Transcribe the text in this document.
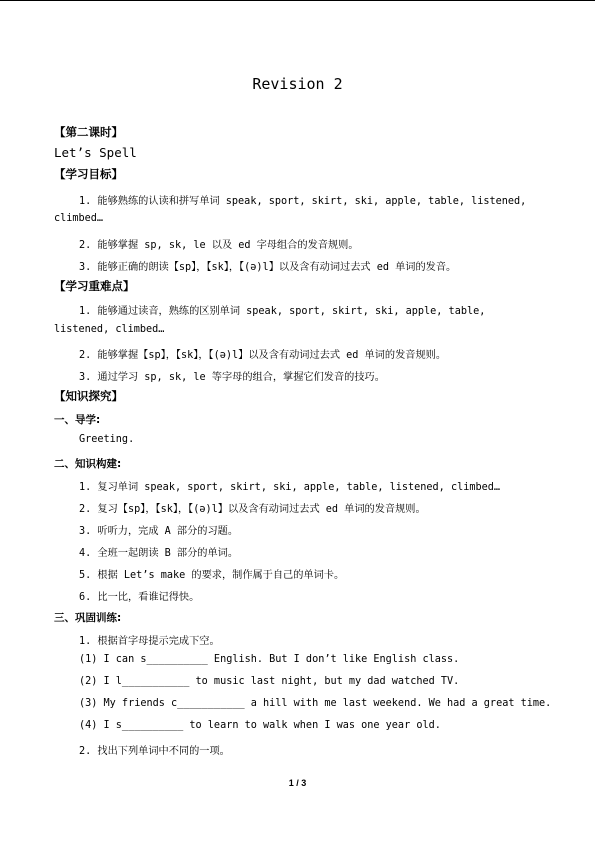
Revision 2
【第二课时】
Let’s Spell
【学习目标】
1. 能够熟练的认读和拼写单词 speak, sport, skirt, ski, apple, table, listened,
climbed…
2. 能够掌握 sp, sk, le 以及 ed 字母组合的发音规则。
3. 能够正确的朗读【sp】，【sk】，【(ə)l】以及含有动词过去式 ed 单词的发音。
【学习重难点】
1. 能够通过读音，熟练的区别单词 speak, sport, skirt, ski, apple, table,
listened, climbed…
2. 能够掌握【sp】，【sk】，【(ə)l】以及含有动词过去式 ed 单词的发音规则。
3. 通过学习 sp, sk, le 等字母的组合，掌握它们发音的技巧。
【知识探究】
一、导学:
Greeting.
二、知识构建:
1. 复习单词 speak, sport, skirt, ski, apple, table, listened, climbed…
2. 复习【sp】，【sk】，【(ə)l】以及含有动词过去式 ed 单词的发音规则。
3. 听听力，完成 A 部分的习题。
4. 全班一起朗读 B 部分的单词。
5. 根据 Let’s make 的要求，制作属于自己的单词卡。
6. 比一比，看谁记得快。
三、巩固训练:
1. 根据首字母提示完成下空。
(1) I can s__________ English. But I don’t like English class.
(2) I l___________ to music last night, but my dad watched TV.
(3) My friends c___________ a hill with me last weekend. We had a great time.
(4) I s__________ to learn to walk when I was one year old.
2. 找出下列单词中不同的一项。
1 / 3
